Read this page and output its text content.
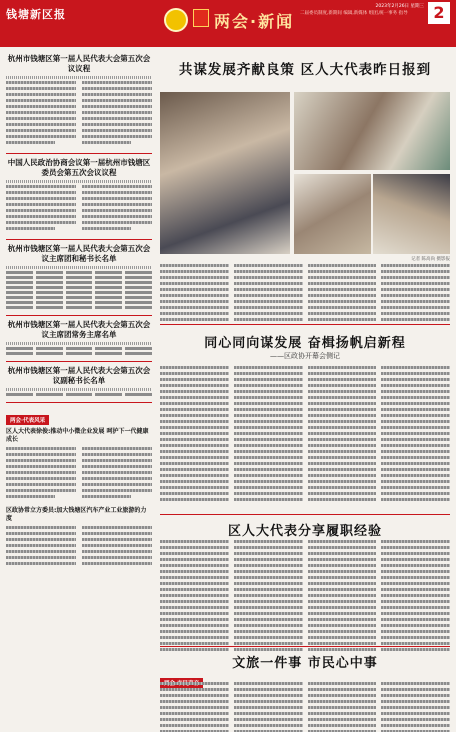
钱塘新区报	两会·新闻 二届委员制度,新期间 编辑,新媒体 组团,统一事务 指导
2023年2月26日 星期三 2
杭州市钱塘区第一届人民代表大会第五次会议议程
中国人民政治协商会议第一届杭州市钱塘区委员会第五次会议议程
杭州市钱塘区第一届人民代表大会第五次会议主席团和秘书长名单
杭州市钱塘区第一届人民代表大会第五次会议主席团常务主席名单
杭州市钱塘区第一届人民代表大会第五次会议副秘书长名单
两会·代表风采
区人大代表徐俊:推动中小微企业发展 呵护下一代健康成长
区政协常立方委员:加大钱塘区汽车产业工业旅游的力度
共谋发展齐献良策 区人大代表昨日报到
记者 陈高尚 摄影报
同心同向谋发展 奋楫扬帆启新程
——区政协开幕会侧记
区人大代表分享履职经验
文旅一件事 市民心中事
